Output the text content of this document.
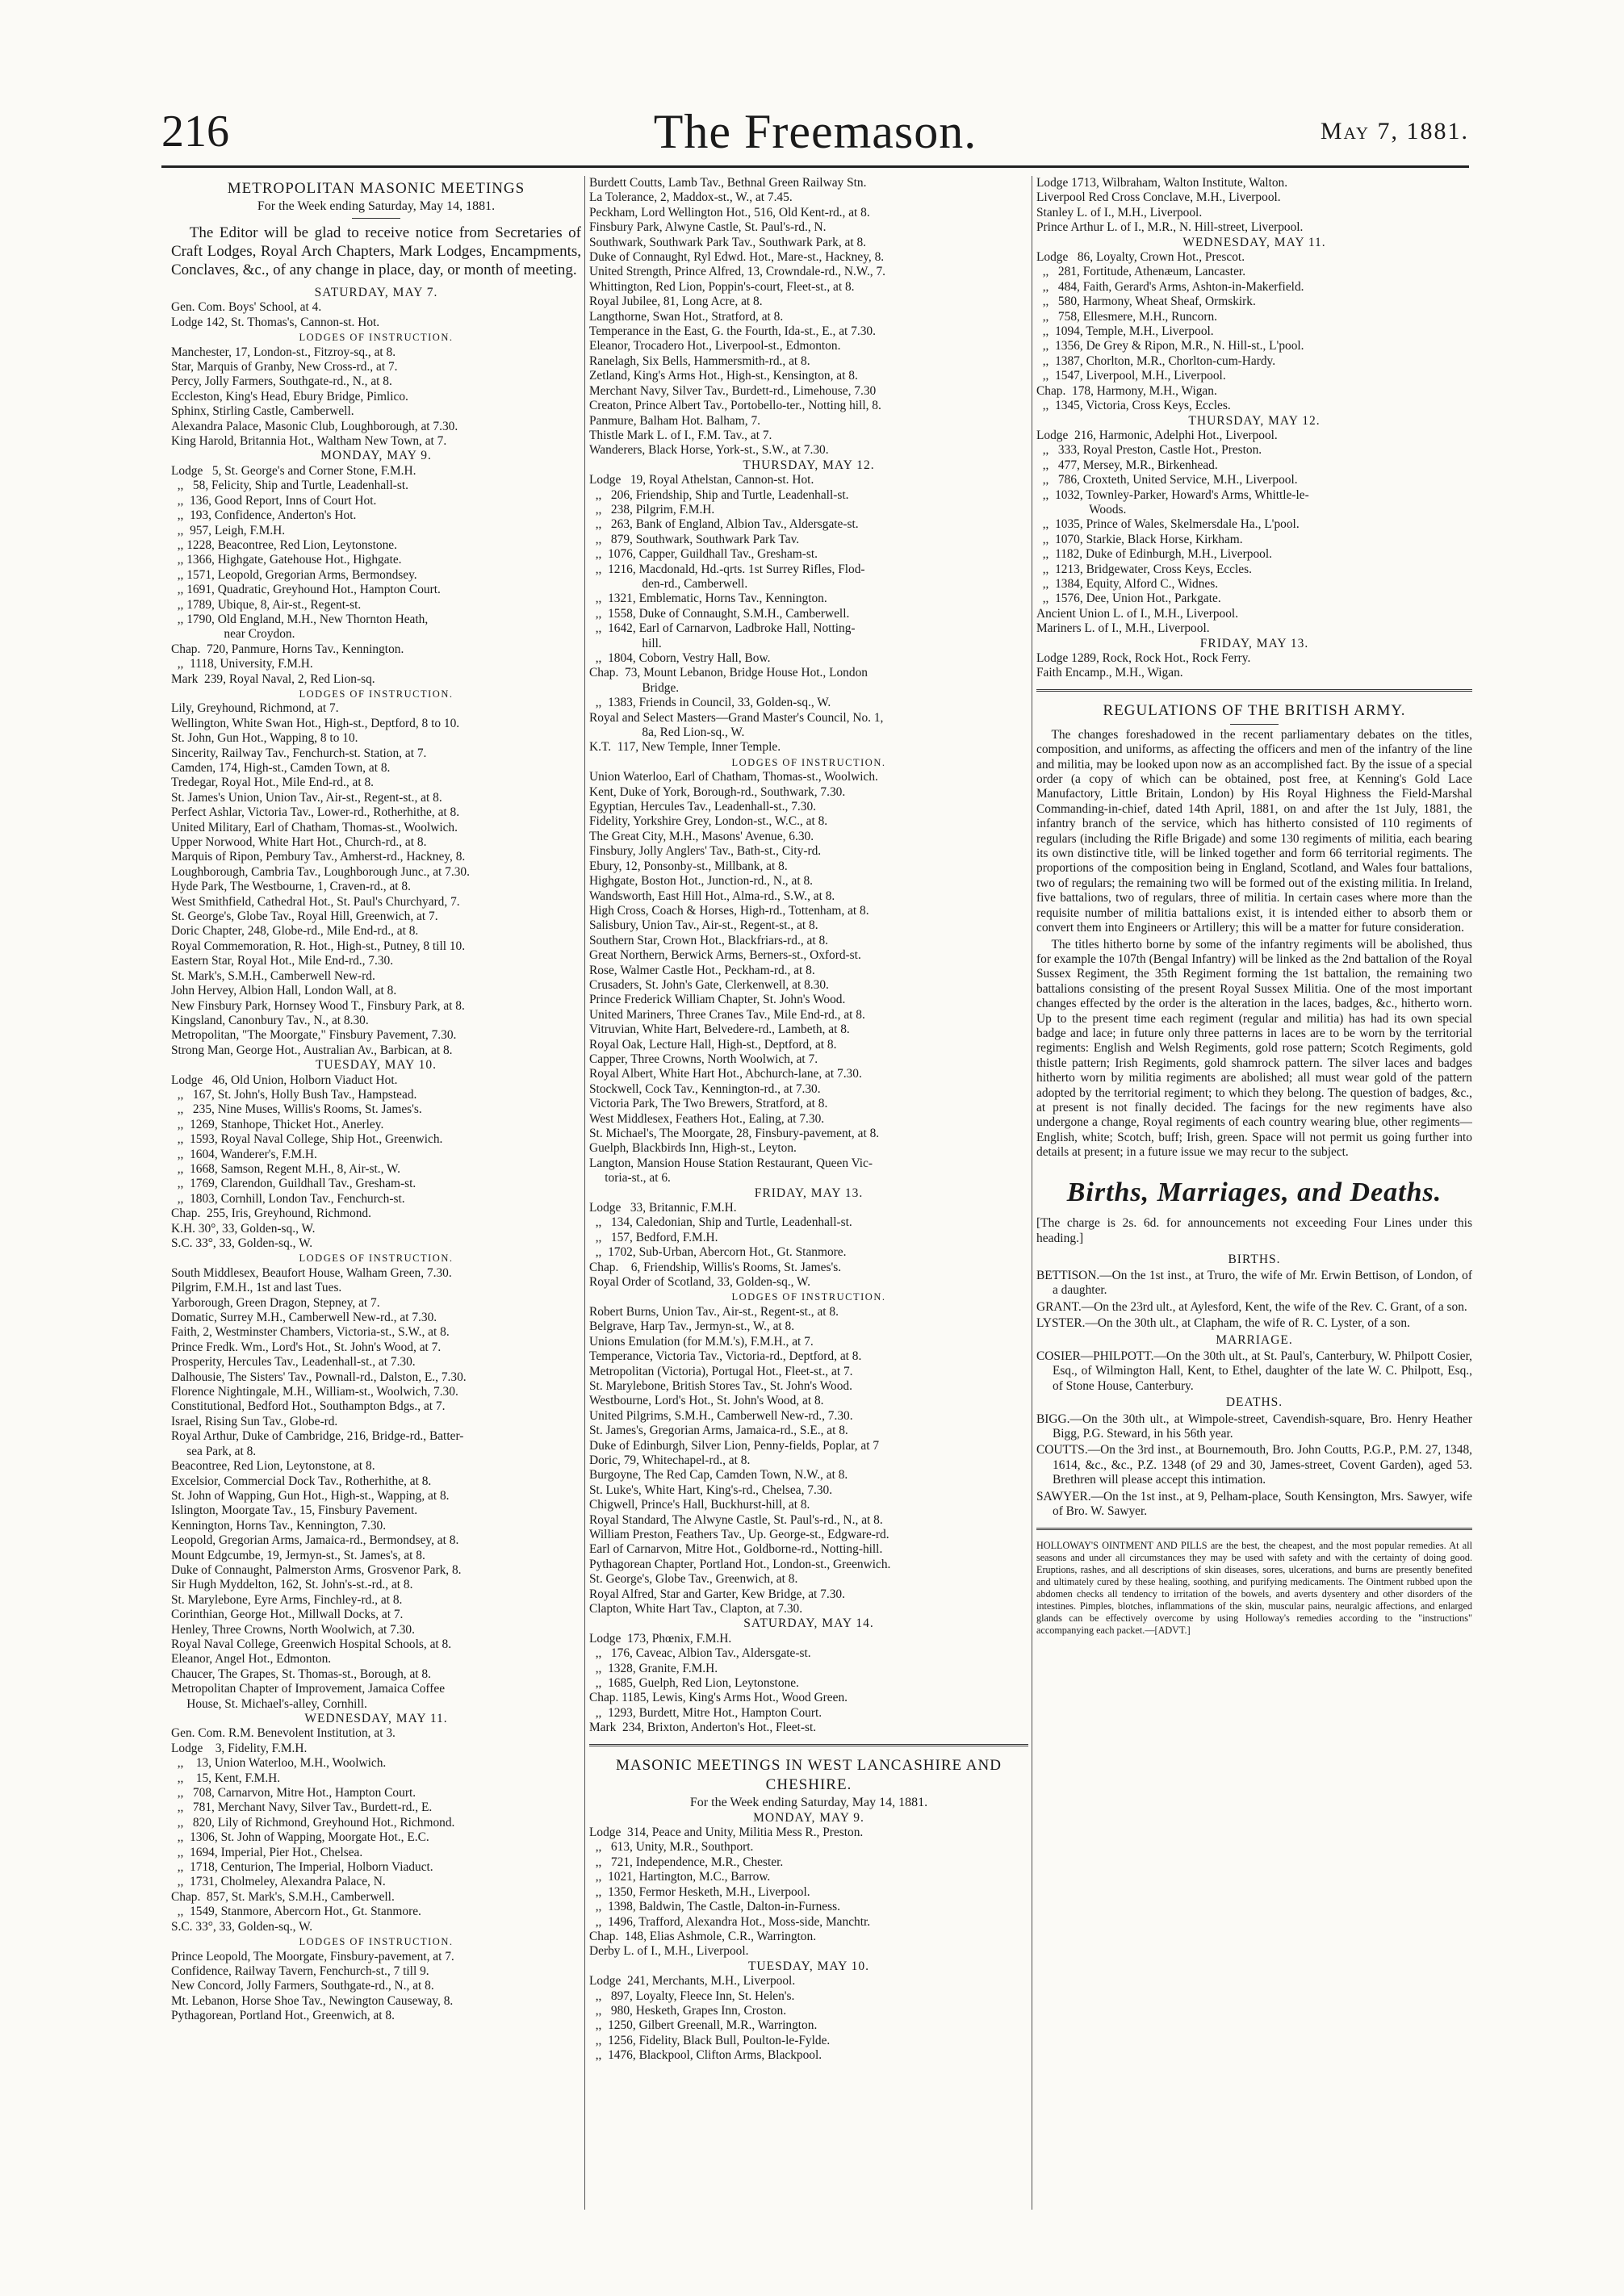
216	The Freemason.	May 7, 1881.
METROPOLITAN MASONIC MEETINGS
For the Week ending Saturday, May 14, 1881.
The Editor will be glad to receive notice from Secretaries of Craft Lodges, Royal Arch Chapters, Mark Lodges, Encampments, Conclaves, &c., of any change in place, day, or month of meeting.
SATURDAY, MAY 7.
Gen. Com. Boys' School, at 4.
Lodge 142, St. Thomas's, Cannon-st. Hot.
LODGES OF INSTRUCTION.
Manchester, 17, London-st., Fitzroy-sq., at 8.
Star, Marquis of Granby, New Cross-rd., at 7.
Percy, Jolly Farmers, Southgate-rd., N., at 8.
Eccleston, King's Head, Ebury Bridge, Pimlico.
Sphinx, Stirling Castle, Camberwell.
Alexandra Palace, Masonic Club, Loughborough, at 7.30.
King Harold, Britannia Hot., Waltham New Town, at 7.
MONDAY, MAY 9.
Lodge   5, St. George's and Corner Stone, F.M.H.
,,   58, Felicity, Ship and Turtle, Leadenhall-st.
,,  136, Good Report, Inns of Court Hot.
,,  193, Confidence, Anderton's Hot.
,,  957, Leigh, F.M.H.
,, 1228, Beacontree, Red Lion, Leytonstone.
,, 1366, Highgate, Gatehouse Hot., Highgate.
,, 1571, Leopold, Gregorian Arms, Bermondsey.
,, 1691, Quadratic, Greyhound Hot., Hampton Court.
,, 1789, Ubique, 8, Air-st., Regent-st.
,, 1790, Old England, M.H., New Thornton Heath,
near Croydon.
Chap.  720, Panmure, Horns Tav., Kennington.
,,  1118, University, F.M.H.
Mark  239, Royal Naval, 2, Red Lion-sq.
LODGES OF INSTRUCTION.
Lily, Greyhound, Richmond, at 7.
Wellington, White Swan Hot., High-st., Deptford, 8 to 10.
St. John, Gun Hot., Wapping, 8 to 10.
Sincerity, Railway Tav., Fenchurch-st. Station, at 7.
Camden, 174, High-st., Camden Town, at 8.
Tredegar, Royal Hot., Mile End-rd., at 8.
St. James's Union, Union Tav., Air-st., Regent-st., at 8.
Perfect Ashlar, Victoria Tav., Lower-rd., Rotherhithe, at 8.
United Military, Earl of Chatham, Thomas-st., Woolwich.
Upper Norwood, White Hart Hot., Church-rd., at 8.
Marquis of Ripon, Pembury Tav., Amherst-rd., Hackney, 8.
Loughborough, Cambria Tav., Loughborough Junc., at 7.30.
Hyde Park, The Westbourne, 1, Craven-rd., at 8.
West Smithfield, Cathedral Hot., St. Paul's Churchyard, 7.
St. George's, Globe Tav., Royal Hill, Greenwich, at 7.
Doric Chapter, 248, Globe-rd., Mile End-rd., at 8.
Royal Commemoration, R. Hot., High-st., Putney, 8 till 10.
Eastern Star, Royal Hot., Mile End-rd., 7.30.
St. Mark's, S.M.H., Camberwell New-rd.
John Hervey, Albion Hall, London Wall, at 8.
New Finsbury Park, Hornsey Wood T., Finsbury Park, at 8.
Kingsland, Canonbury Tav., N., at 8.30.
Metropolitan, "The Moorgate," Finsbury Pavement, 7.30.
Strong Man, George Hot., Australian Av., Barbican, at 8.
TUESDAY, MAY 10.
Lodge   46, Old Union, Holborn Viaduct Hot.
,,   167, St. John's, Holly Bush Tav., Hampstead.
,,   235, Nine Muses, Willis's Rooms, St. James's.
,,  1269, Stanhope, Thicket Hot., Anerley.
,,  1593, Royal Naval College, Ship Hot., Greenwich.
,,  1604, Wanderer's, F.M.H.
,,  1668, Samson, Regent M.H., 8, Air-st., W.
,,  1769, Clarendon, Guildhall Tav., Gresham-st.
,,  1803, Cornhill, London Tav., Fenchurch-st.
Chap.  255, Iris, Greyhound, Richmond.
K.H. 30°, 33, Golden-sq., W.
S.C. 33°, 33, Golden-sq., W.
LODGES OF INSTRUCTION.
South Middlesex, Beaufort House, Walham Green, 7.30.
Pilgrim, F.M.H., 1st and last Tues.
Yarborough, Green Dragon, Stepney, at 7.
Domatic, Surrey M.H., Camberwell New-rd., at 7.30.
Faith, 2, Westminster Chambers, Victoria-st., S.W., at 8.
Prince Fredk. Wm., Lord's Hot., St. John's Wood, at 7.
Prosperity, Hercules Tav., Leadenhall-st., at 7.30.
Dalhousie, The Sisters' Tav., Pownall-rd., Dalston, E., 7.30.
Florence Nightingale, M.H., William-st., Woolwich, 7.30.
Constitutional, Bedford Hot., Southampton Bdgs., at 7.
Israel, Rising Sun Tav., Globe-rd.
Royal Arthur, Duke of Cambridge, 216, Bridge-rd., Batter-
sea Park, at 8.
Beacontree, Red Lion, Leytonstone, at 8.
Excelsior, Commercial Dock Tav., Rotherhithe, at 8.
St. John of Wapping, Gun Hot., High-st., Wapping, at 8.
Islington, Moorgate Tav., 15, Finsbury Pavement.
Kennington, Horns Tav., Kennington, 7.30.
Leopold, Gregorian Arms, Jamaica-rd., Bermondsey, at 8.
Mount Edgcumbe, 19, Jermyn-st., St. James's, at 8.
Duke of Connaught, Palmerston Arms, Grosvenor Park, 8.
Sir Hugh Myddelton, 162, St. John's-st.-rd., at 8.
St. Marylebone, Eyre Arms, Finchley-rd., at 8.
Corinthian, George Hot., Millwall Docks, at 7.
Henley, Three Crowns, North Woolwich, at 7.30.
Royal Naval College, Greenwich Hospital Schools, at 8.
Eleanor, Angel Hot., Edmonton.
Chaucer, The Grapes, St. Thomas-st., Borough, at 8.
Metropolitan Chapter of Improvement, Jamaica Coffee
House, St. Michael's-alley, Cornhill.
WEDNESDAY, MAY 11.
Gen. Com. R.M. Benevolent Institution, at 3.
Lodge    3, Fidelity, F.M.H.
,,    13, Union Waterloo, M.H., Woolwich.
,,    15, Kent, F.M.H.
,,   708, Carnarvon, Mitre Hot., Hampton Court.
,,   781, Merchant Navy, Silver Tav., Burdett-rd., E.
,,   820, Lily of Richmond, Greyhound Hot., Richmond.
,,  1306, St. John of Wapping, Moorgate Hot., E.C.
,,  1694, Imperial, Pier Hot., Chelsea.
,,  1718, Centurion, The Imperial, Holborn Viaduct.
,,  1731, Cholmeley, Alexandra Palace, N.
Chap.  857, St. Mark's, S.M.H., Camberwell.
,,  1549, Stanmore, Abercorn Hot., Gt. Stanmore.
S.C. 33°, 33, Golden-sq., W.
LODGES OF INSTRUCTION.
Prince Leopold, The Moorgate, Finsbury-pavement, at 7.
Confidence, Railway Tavern, Fenchurch-st., 7 till 9.
New Concord, Jolly Farmers, Southgate-rd., N., at 8.
Mt. Lebanon, Horse Shoe Tav., Newington Causeway, 8.
Pythagorean, Portland Hot., Greenwich, at 8.
Burdett Coutts, Lamb Tav., Bethnal Green Railway Stn.
La Tolerance, 2, Maddox-st., W., at 7.45.
Peckham, Lord Wellington Hot., 516, Old Kent-rd., at 8.
Finsbury Park, Alwyne Castle, St. Paul's-rd., N.
Southwark, Southwark Park Tav., Southwark Park, at 8.
Duke of Connaught, Ryl Edwd. Hot., Mare-st., Hackney, 8.
United Strength, Prince Alfred, 13, Crowndale-rd., N.W., 7.
Whittington, Red Lion, Poppin's-court, Fleet-st., at 8.
Royal Jubilee, 81, Long Acre, at 8.
Langthorne, Swan Hot., Stratford, at 8.
Temperance in the East, G. the Fourth, Ida-st., E., at 7.30.
Eleanor, Trocadero Hot., Liverpool-st., Edmonton.
Ranelagh, Six Bells, Hammersmith-rd., at 8.
Zetland, King's Arms Hot., High-st., Kensington, at 8.
Merchant Navy, Silver Tav., Burdett-rd., Limehouse, 7.30
Creaton, Prince Albert Tav., Portobello-ter., Notting hill, 8.
Panmure, Balham Hot. Balham, 7.
Thistle Mark L. of I., F.M. Tav., at 7.
Wanderers, Black Horse, York-st., S.W., at 7.30.
THURSDAY, MAY 12.
Lodge   19, Royal Athelstan, Cannon-st. Hot.
,,   206, Friendship, Ship and Turtle, Leadenhall-st.
,,   238, Pilgrim, F.M.H.
,,   263, Bank of England, Albion Tav., Aldersgate-st.
,,   879, Southwark, Southwark Park Tav.
,,  1076, Capper, Guildhall Tav., Gresham-st.
,,  1216, Macdonald, Hd.-qrts. 1st Surrey Rifles, Flod-
den-rd., Camberwell.
,,  1321, Emblematic, Horns Tav., Kennington.
,,  1558, Duke of Connaught, S.M.H., Camberwell.
,,  1642, Earl of Carnarvon, Ladbroke Hall, Notting-
hill.
,,  1804, Coborn, Vestry Hall, Bow.
Chap.  73, Mount Lebanon, Bridge House Hot., London
Bridge.
,,  1383, Friends in Council, 33, Golden-sq., W.
Royal and Select Masters—Grand Master's Council, No. 1,
8a, Red Lion-sq., W.
K.T.  117, New Temple, Inner Temple.
LODGES OF INSTRUCTION.
Union Waterloo, Earl of Chatham, Thomas-st., Woolwich.
Kent, Duke of York, Borough-rd., Southwark, 7.30.
Egyptian, Hercules Tav., Leadenhall-st., 7.30.
Fidelity, Yorkshire Grey, London-st., W.C., at 8.
The Great City, M.H., Masons' Avenue, 6.30.
Finsbury, Jolly Anglers' Tav., Bath-st., City-rd.
Ebury, 12, Ponsonby-st., Millbank, at 8.
Highgate, Boston Hot., Junction-rd., N., at 8.
Wandsworth, East Hill Hot., Alma-rd., S.W., at 8.
High Cross, Coach & Horses, High-rd., Tottenham, at 8.
Salisbury, Union Tav., Air-st., Regent-st., at 8.
Southern Star, Crown Hot., Blackfriars-rd., at 8.
Great Northern, Berwick Arms, Berners-st., Oxford-st.
Rose, Walmer Castle Hot., Peckham-rd., at 8.
Crusaders, St. John's Gate, Clerkenwell, at 8.30.
Prince Frederick William Chapter, St. John's Wood.
United Mariners, Three Cranes Tav., Mile End-rd., at 8.
Vitruvian, White Hart, Belvedere-rd., Lambeth, at 8.
Royal Oak, Lecture Hall, High-st., Deptford, at 8.
Capper, Three Crowns, North Woolwich, at 7.
Royal Albert, White Hart Hot., Abchurch-lane, at 7.30.
Stockwell, Cock Tav., Kennington-rd., at 7.30.
Victoria Park, The Two Brewers, Stratford, at 8.
West Middlesex, Feathers Hot., Ealing, at 7.30.
St. Michael's, The Moorgate, 28, Finsbury-pavement, at 8.
Guelph, Blackbirds Inn, High-st., Leyton.
Langton, Mansion House Station Restaurant, Queen Vic-
toria-st., at 6.
FRIDAY, MAY 13.
Lodge   33, Britannic, F.M.H.
,,   134, Caledonian, Ship and Turtle, Leadenhall-st.
,,   157, Bedford, F.M.H.
,,  1702, Sub-Urban, Abercorn Hot., Gt. Stanmore.
Chap.    6, Friendship, Willis's Rooms, St. James's.
Royal Order of Scotland, 33, Golden-sq., W.
LODGES OF INSTRUCTION.
Robert Burns, Union Tav., Air-st., Regent-st., at 8.
Belgrave, Harp Tav., Jermyn-st., W., at 8.
Unions Emulation (for M.M.'s), F.M.H., at 7.
Temperance, Victoria Tav., Victoria-rd., Deptford, at 8.
Metropolitan (Victoria), Portugal Hot., Fleet-st., at 7.
St. Marylebone, British Stores Tav., St. John's Wood.
Westbourne, Lord's Hot., St. John's Wood, at 8.
United Pilgrims, S.M.H., Camberwell New-rd., 7.30.
St. James's, Gregorian Arms, Jamaica-rd., S.E., at 8.
Duke of Edinburgh, Silver Lion, Penny-fields, Poplar, at 7
Doric, 79, Whitechapel-rd., at 8.
Burgoyne, The Red Cap, Camden Town, N.W., at 8.
St. Luke's, White Hart, King's-rd., Chelsea, 7.30.
Chigwell, Prince's Hall, Buckhurst-hill, at 8.
Royal Standard, The Alwyne Castle, St. Paul's-rd., N., at 8.
William Preston, Feathers Tav., Up. George-st., Edgware-rd.
Earl of Carnarvon, Mitre Hot., Goldborne-rd., Notting-hill.
Pythagorean Chapter, Portland Hot., London-st., Greenwich.
St. George's, Globe Tav., Greenwich, at 8.
Royal Alfred, Star and Garter, Kew Bridge, at 7.30.
Clapton, White Hart Tav., Clapton, at 7.30.
SATURDAY, MAY 14.
Lodge  173, Phœnix, F.M.H.
,,   176, Caveac, Albion Tav., Aldersgate-st.
,,  1328, Granite, F.M.H.
,,  1685, Guelph, Red Lion, Leytonstone.
Chap. 1185, Lewis, King's Arms Hot., Wood Green.
,,  1293, Burdett, Mitre Hot., Hampton Court.
Mark  234, Brixton, Anderton's Hot., Fleet-st.
MASONIC MEETINGS IN WEST LANCASHIRE AND CHESHIRE.
For the Week ending Saturday, May 14, 1881.
MONDAY, MAY 9.
Lodge  314, Peace and Unity, Militia Mess R., Preston.
,,   613, Unity, M.R., Southport.
,,   721, Independence, M.R., Chester.
,,  1021, Hartington, M.C., Barrow.
,,  1350, Fermor Hesketh, M.H., Liverpool.
,,  1398, Baldwin, The Castle, Dalton-in-Furness.
,,  1496, Trafford, Alexandra Hot., Moss-side, Manchtr.
Chap.  148, Elias Ashmole, C.R., Warrington.
Derby L. of I., M.H., Liverpool.
TUESDAY, MAY 10.
Lodge  241, Merchants, M.H., Liverpool.
,,   897, Loyalty, Fleece Inn, St. Helen's.
,,   980, Hesketh, Grapes Inn, Croston.
,,  1250, Gilbert Greenall, M.R., Warrington.
,,  1256, Fidelity, Black Bull, Poulton-le-Fylde.
,,  1476, Blackpool, Clifton Arms, Blackpool.
Lodge 1713, Wilbraham, Walton Institute, Walton.
Liverpool Red Cross Conclave, M.H., Liverpool.
Stanley L. of I., M.H., Liverpool.
Prince Arthur L. of I., M.R., N. Hill-street, Liverpool.
WEDNESDAY, MAY 11.
Lodge   86, Loyalty, Crown Hot., Prescot.
,,   281, Fortitude, Athenæum, Lancaster.
,,   484, Faith, Gerard's Arms, Ashton-in-Makerfield.
,,   580, Harmony, Wheat Sheaf, Ormskirk.
,,   758, Ellesmere, M.H., Runcorn.
,,  1094, Temple, M.H., Liverpool.
,,  1356, De Grey & Ripon, M.R., N. Hill-st., L'pool.
,,  1387, Chorlton, M.R., Chorlton-cum-Hardy.
,,  1547, Liverpool, M.H., Liverpool.
Chap.  178, Harmony, M.H., Wigan.
,,  1345, Victoria, Cross Keys, Eccles.
THURSDAY, MAY 12.
Lodge  216, Harmonic, Adelphi Hot., Liverpool.
,,   333, Royal Preston, Castle Hot., Preston.
,,   477, Mersey, M.R., Birkenhead.
,,   786, Croxteth, United Service, M.H., Liverpool.
,,  1032, Townley-Parker, Howard's Arms, Whittle-le-
Woods.
,,  1035, Prince of Wales, Skelmersdale Ha., L'pool.
,,  1070, Starkie, Black Horse, Kirkham.
,,  1182, Duke of Edinburgh, M.H., Liverpool.
,,  1213, Bridgewater, Cross Keys, Eccles.
,,  1384, Equity, Alford C., Widnes.
,,  1576, Dee, Union Hot., Parkgate.
Ancient Union L. of I., M.H., Liverpool.
Mariners L. of I., M.H., Liverpool.
FRIDAY, MAY 13.
Lodge 1289, Rock, Rock Hot., Rock Ferry.
Faith Encamp., M.H., Wigan.
REGULATIONS OF THE BRITISH ARMY.
The changes foreshadowed in the recent parliamentary debates on the titles, composition, and uniforms, as affecting the officers and men of the infantry of the line and militia, may be looked upon now as an accomplished fact. By the issue of a special order (a copy of which can be obtained, post free, at Kenning's Gold Lace Manufactory, Little Britain, London) by His Royal Highness the Field-Marshal Commanding-in-chief, dated 14th April, 1881, on and after the 1st July, 1881, the infantry branch of the service, which has hitherto consisted of 110 regiments of regulars (including the Rifle Brigade) and some 130 regiments of militia, each bearing its own distinctive title, will be linked together and form 66 territorial regiments. The proportions of the composition being in England, Scotland, and Wales four battalions, two of regulars; the remaining two will be formed out of the existing militia. In Ireland, five battalions, two of regulars, three of militia. In certain cases where more than the requisite number of militia battalions exist, it is intended either to absorb them or convert them into Engineers or Artillery; this will be a matter for future consideration.
The titles hitherto borne by some of the infantry regiments will be abolished, thus for example the 107th (Bengal Infantry) will be linked as the 2nd battalion of the Royal Sussex Regiment, the 35th Regiment forming the 1st battalion, the remaining two battalions consisting of the present Royal Sussex Militia. One of the most important changes effected by the order is the alteration in the laces, badges, &c., hitherto worn. Up to the present time each regiment (regular and militia) has had its own special badge and lace; in future only three patterns in laces are to be worn by the territorial regiments: English and Welsh Regiments, gold rose pattern; Scotch Regiments, gold thistle pattern; Irish Regiments, gold shamrock pattern. The silver laces and badges hitherto worn by militia regiments are abolished; all must wear gold of the pattern adopted by the territorial regiment; to which they belong. The question of badges, &c., at present is not finally decided. The facings for the new regiments have also undergone a change, Royal regiments of each country wearing blue, other regiments—English, white; Scotch, buff; Irish, green. Space will not permit us going further into details at present; in a future issue we may recur to the subject.
Births, Marriages, and Deaths.
[The charge is 2s. 6d. for announcements not exceeding Four Lines under this heading.]
BIRTHS.
BETTISON.—On the 1st inst., at Truro, the wife of Mr. Erwin Bettison, of London, of a daughter.
GRANT.—On the 23rd ult., at Aylesford, Kent, the wife of the Rev. C. Grant, of a son.
LYSTER.—On the 30th ult., at Clapham, the wife of R. C. Lyster, of a son.
MARRIAGE.
COSIER—PHILPOTT.—On the 30th ult., at St. Paul's, Canterbury, W. Philpott Cosier, Esq., of Wilmington Hall, Kent, to Ethel, daughter of the late W. C. Philpott, Esq., of Stone House, Canterbury.
DEATHS.
BIGG.—On the 30th ult., at Wimpole-street, Cavendish-square, Bro. Henry Heather Bigg, P.G. Steward, in his 56th year.
COUTTS.—On the 3rd inst., at Bournemouth, Bro. John Coutts, P.G.P., P.M. 27, 1348, 1614, &c., &c., P.Z. 1348 (of 29 and 30, James-street, Covent Garden), aged 53. Brethren will please accept this intimation.
SAWYER.—On the 1st inst., at 9, Pelham-place, South Kensington, Mrs. Sawyer, wife of Bro. W. Sawyer.
HOLLOWAY'S OINTMENT AND PILLS are the best, the cheapest, and the most popular remedies. At all seasons and under all circumstances they may be used with safety and with the certainty of doing good. Eruptions, rashes, and all descriptions of skin diseases, sores, ulcerations, and burns are presently benefited and ultimately cured by these healing, soothing, and purifying medicaments. The Ointment rubbed upon the abdomen checks all tendency to irritation of the bowels, and averts dysentery and other disorders of the intestines. Pimples, blotches, inflammations of the skin, muscular pains, neuralgic affections, and enlarged glands can be effectively overcome by using Holloway's remedies according to the "instructions" accompanying each packet.—[ADVT.]
